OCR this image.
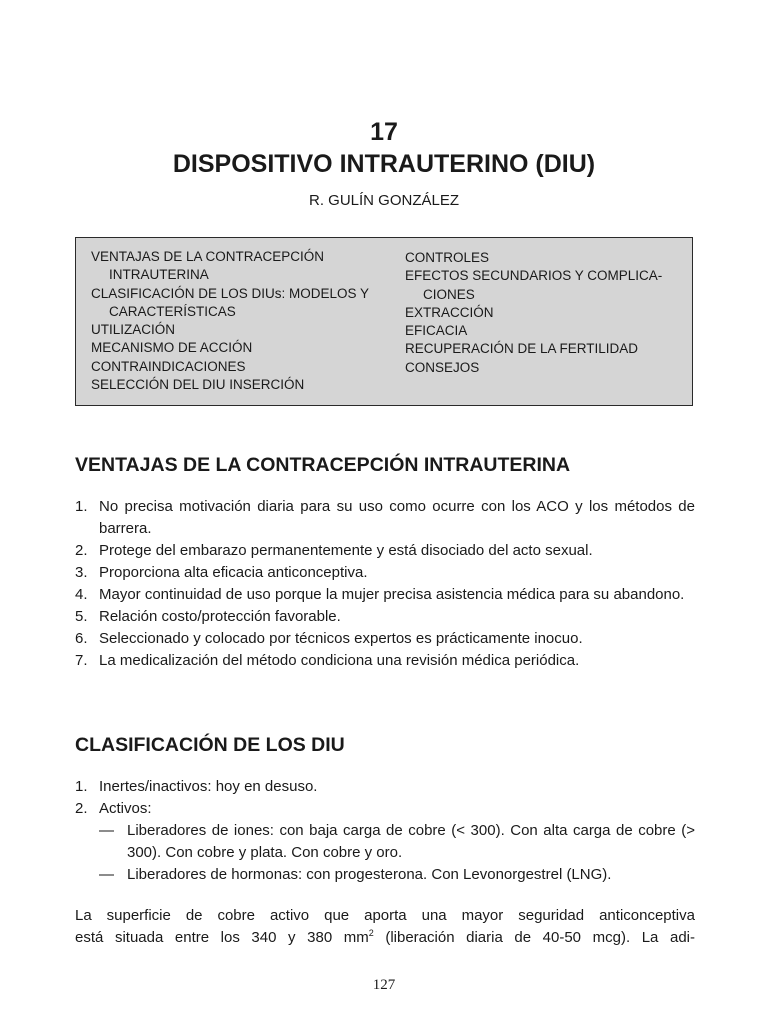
17
DISPOSITIVO INTRAUTERINO (DIU)
R. GULÍN GONZÁLEZ
VENTAJAS DE LA CONTRACEPCIÓN
INTRAUTERINA
CLASIFICACIÓN DE LOS DIUs: MODELOS Y
CARACTERÍSTICAS
UTILIZACIÓN
MECANISMO DE ACCIÓN
CONTRAINDICACIONES
SELECCIÓN DEL DIU INSERCIÓN
CONTROLES
EFECTOS SECUNDARIOS Y COMPLICA-
CIONES
EXTRACCIÓN
EFICACIA
RECUPERACIÓN DE LA FERTILIDAD
CONSEJOS
VENTAJAS DE LA CONTRACEPCIÓN INTRAUTERINA
1. No precisa motivación diaria para su uso como ocurre con los ACO y los métodos de barrera.
2. Protege del embarazo permanentemente y está disociado del acto sexual.
3. Proporciona alta eficacia anticonceptiva.
4. Mayor continuidad de uso porque la mujer precisa asistencia médica para su abandono.
5. Relación costo/protección favorable.
6. Seleccionado y colocado por técnicos expertos es prácticamente inocuo.
7. La medicalización del método condiciona una revisión médica periódica.
CLASIFICACIÓN DE LOS DIU
1. Inertes/inactivos: hoy en desuso.
2. Activos:
— Liberadores de iones: con baja carga de cobre (< 300). Con alta carga de cobre (> 300). Con cobre y plata. Con cobre y oro.
— Liberadores de hormonas: con progesterona. Con Levonorgestrel (LNG).
La superficie de cobre activo que aporta una mayor seguridad anticonceptiva
está situada entre los 340 y 380 $mm^2$ (liberación diaria de 40-50 mcg). La adi-
127
